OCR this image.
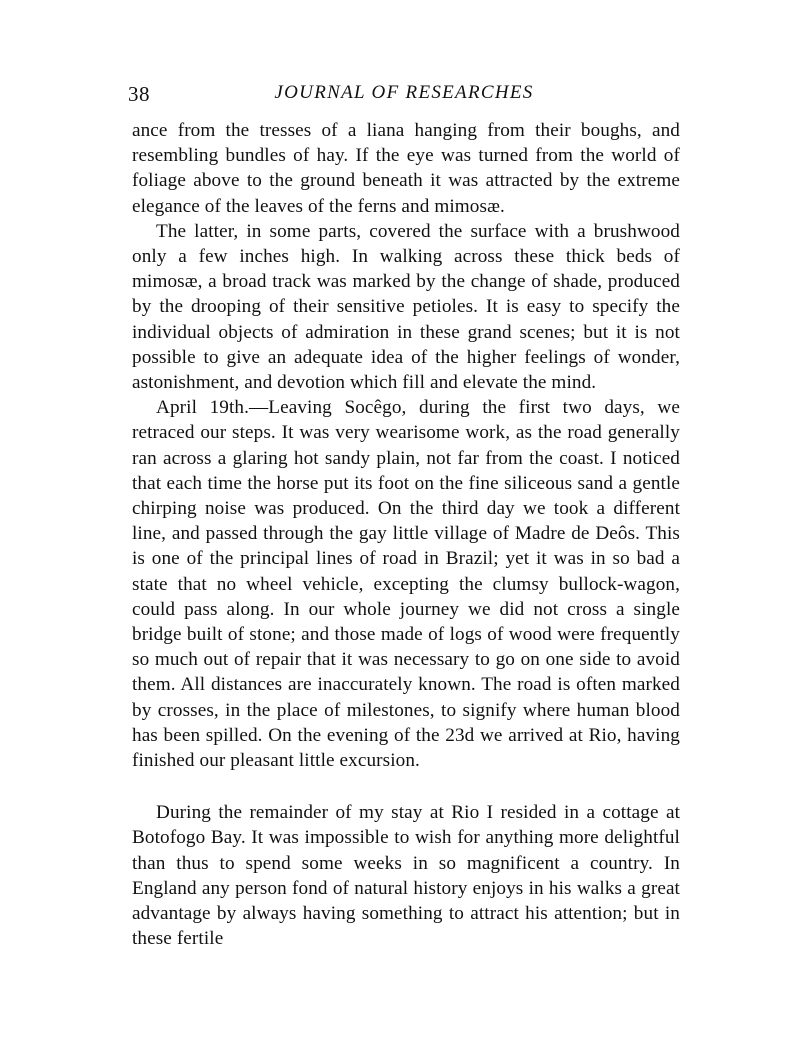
38	JOURNAL OF RESEARCHES

ance from the tresses of a liana hanging from their boughs, and resembling bundles of hay. If the eye was turned from the world of foliage above to the ground beneath it was attracted by the extreme elegance of the leaves of the ferns and mimosæ.

The latter, in some parts, covered the surface with a brushwood only a few inches high. In walking across these thick beds of mimosæ, a broad track was marked by the change of shade, produced by the drooping of their sensitive petioles. It is easy to specify the individual objects of admiration in these grand scenes; but it is not possible to give an adequate idea of the higher feelings of wonder, astonishment, and devotion which fill and elevate the mind.

April 19th.—Leaving Socêgo, during the first two days, we retraced our steps. It was very wearisome work, as the road generally ran across a glaring hot sandy plain, not far from the coast. I noticed that each time the horse put its foot on the fine siliceous sand a gentle chirping noise was produced. On the third day we took a different line, and passed through the gay little village of Madre de Deôs. This is one of the principal lines of road in Brazil; yet it was in so bad a state that no wheel vehicle, excepting the clumsy bullock-wagon, could pass along. In our whole journey we did not cross a single bridge built of stone; and those made of logs of wood were frequently so much out of repair that it was necessary to go on one side to avoid them. All distances are inaccurately known. The road is often marked by crosses, in the place of milestones, to signify where human blood has been spilled. On the evening of the 23d we arrived at Rio, having finished our pleasant little excursion.

During the remainder of my stay at Rio I resided in a cottage at Botofogo Bay. It was impossible to wish for anything more delightful than thus to spend some weeks in so magnificent a country. In England any person fond of natural history enjoys in his walks a great advantage by always having something to attract his attention; but in these fertile
